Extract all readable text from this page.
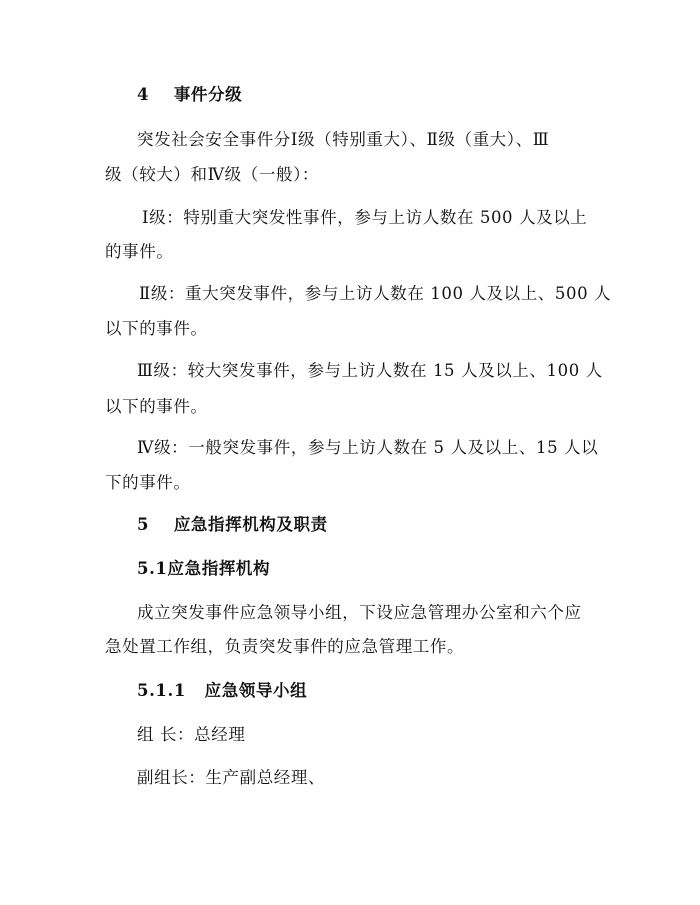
4 事件分级
突发社会安全事件分Ⅰ级（特别重大）、Ⅱ级（重大）、Ⅲ
级（较大）和Ⅳ级（一般）：
Ⅰ级：特别重大突发性事件，参与上访人数在 500 人及以上
的事件。
Ⅱ级：重大突发事件，参与上访人数在 100 人及以上、500 人
以下的事件。
Ⅲ级：较大突发事件，参与上访人数在 15 人及以上、100 人
以下的事件。
Ⅳ级：一般突发事件，参与上访人数在 5 人及以上、15 人以
下的事件。
5 应急指挥机构及职责
5.1应急指挥机构
成立突发事件应急领导小组，下设应急管理办公室和六个应
急处置工作组，负责突发事件的应急管理工作。
5.1.1 应急领导小组
组 长：总经理
副组长：生产副总经理、
